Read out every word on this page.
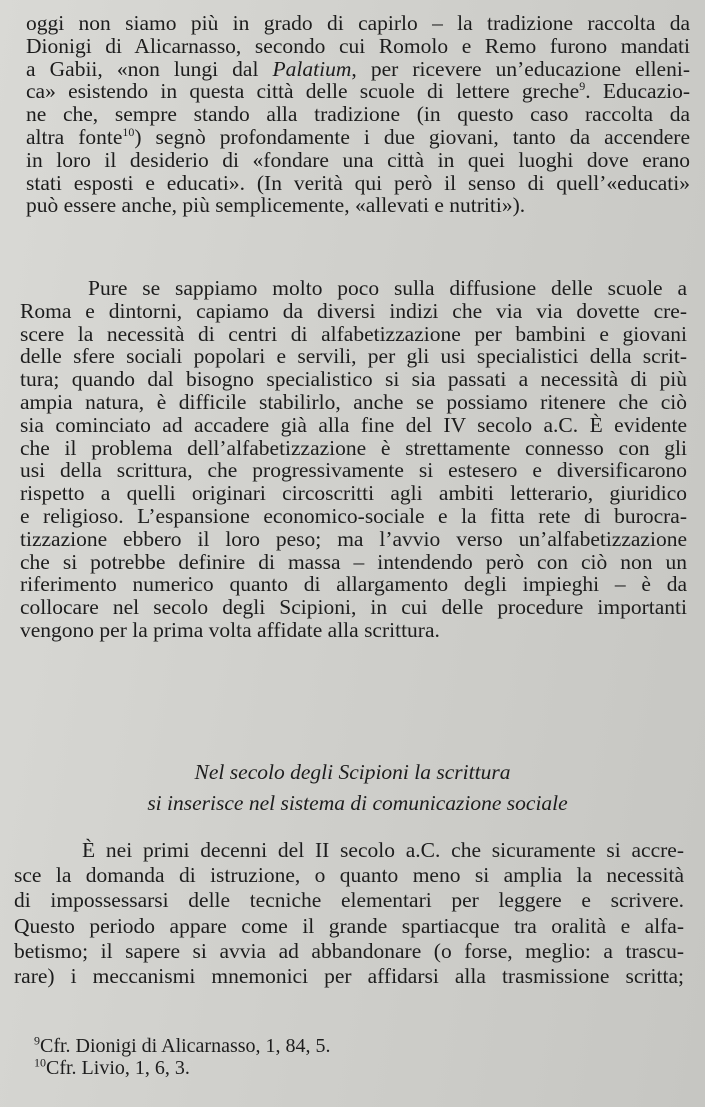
oggi non siamo più in grado di capirlo – la tradizione raccolta da
Dionigi di Alicarnasso, secondo cui Romolo e Remo furono mandati
a Gabii, «non lungi dal Palatium, per ricevere un’educazione elleni-
ca» esistendo in questa città delle scuole di lettere greche$^9$. Educazio-
ne che, sempre stando alla tradizione (in questo caso raccolta da
altra fonte$^{10}$) segnò profondamente i due giovani, tanto da accendere
in loro il desiderio di «fondare una città in quei luoghi dove erano
stati esposti e educati». (In verità qui però il senso di quell’«educati»
può essere anche, più semplicemente, «allevati e nutriti»).
Pure se sappiamo molto poco sulla diffusione delle scuole a
Roma e dintorni, capiamo da diversi indizi che via via dovette cre-
scere la necessità di centri di alfabetizzazione per bambini e giovani
delle sfere sociali popolari e servili, per gli usi specialistici della scrit-
tura; quando dal bisogno specialistico si sia passati a necessità di più
ampia natura, è difficile stabilirlo, anche se possiamo ritenere che ciò
sia cominciato ad accadere già alla fine del IV secolo a.C. È evidente
che il problema dell’alfabetizzazione è strettamente connesso con gli
usi della scrittura, che progressivamente si estesero e diversificarono
rispetto a quelli originari circoscritti agli ambiti letterario, giuridico
e religioso. L’espansione economico-sociale e la fitta rete di burocra-
tizzazione ebbero il loro peso; ma l’avvio verso un’alfabetizzazione
che si potrebbe definire di massa – intendendo però con ciò non un
riferimento numerico quanto di allargamento degli impieghi – è da
collocare nel secolo degli Scipioni, in cui delle procedure importanti
vengono per la prima volta affidate alla scrittura.
Nel secolo degli Scipioni la scrittura
si inserisce nel sistema di comunicazione sociale
È nei primi decenni del II secolo a.C. che sicuramente si accre-
sce la domanda di istruzione, o quanto meno si amplia la necessità
di impossessarsi delle tecniche elementari per leggere e scrivere.
Questo periodo appare come il grande spartiacque tra oralità e alfa-
betismo; il sapere si avvia ad abbandonare (o forse, meglio: a trascu-
rare) i meccanismi mnemonici per affidarsi alla trasmissione scritta;
$^9$Cfr. Dionigi di Alicarnasso, 1, 84, 5.
$^{10}$Cfr. Livio, 1, 6, 3.
